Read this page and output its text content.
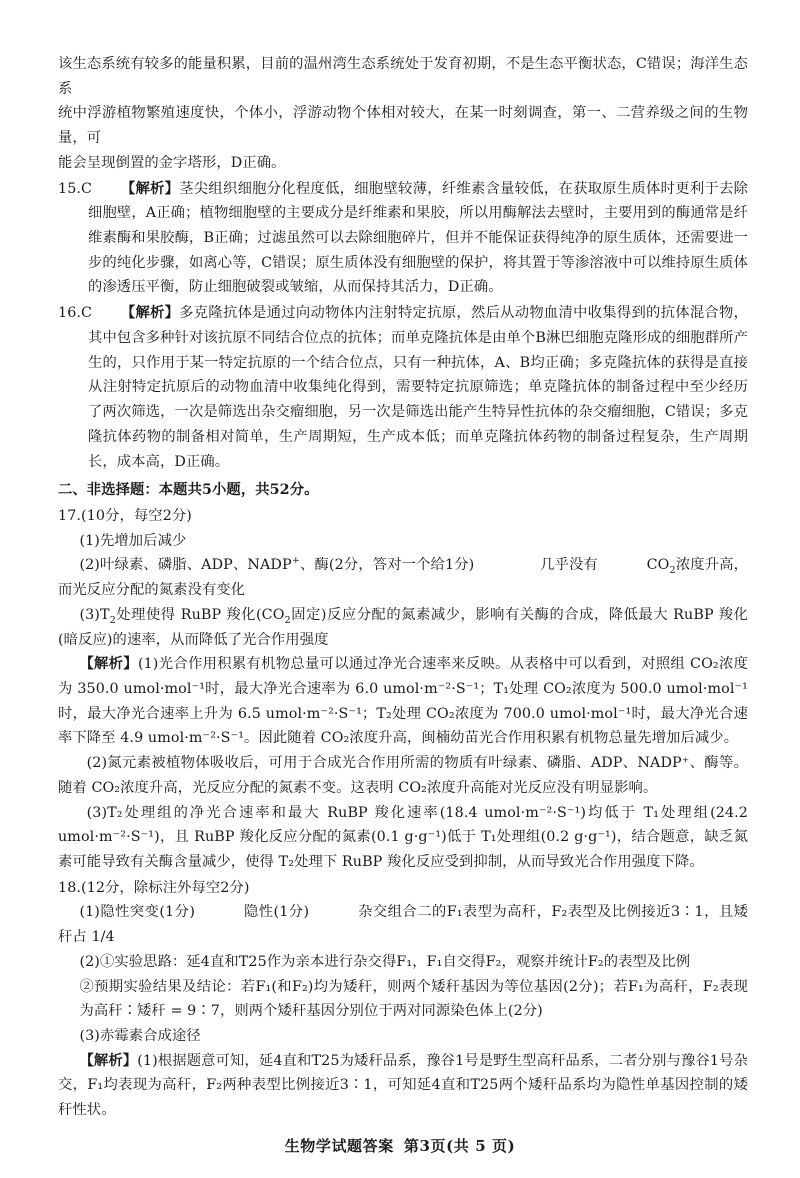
该生态系统有较多的能量积累，目前的温州湾生态系统处于发育初期，不是生态平衡状态，C错误；海洋生态系

统中浮游植物繁殖速度快，个体小，浮游动物个体相对较大，在某一时刻调查，第一、二营养级之间的生物量，可

能会呈现倒置的金字塔形，D正确。

15.C 【解析】茎尖组织细胞分化程度低，细胞壁较薄，纤维素含量较低，在获取原生质体时更利于去除细胞壁，A正确；植物细胞壁的主要成分是纤维素和果胶，所以用酶解法去壁时，主要用到的酶通常是纤维素酶和果胶酶，B正确；过滤虽然可以去除细胞碎片，但并不能保证获得纯净的原生质体，还需要进一步的纯化步骤，如离心等，C错误；原生质体没有细胞壁的保护，将其置于等渗溶液中可以维持原生质体的渗透压平衡，防止细胞破裂或皱缩，从而保持其活力，D正确。

16.C 【解析】多克隆抗体是通过向动物体内注射特定抗原，然后从动物血清中收集得到的抗体混合物，其中包含多种针对该抗原不同结合位点的抗体；而单克隆抗体是由单个B淋巴细胞克隆形成的细胞群所产生的，只作用于某一特定抗原的一个结合位点，只有一种抗体，A、B均正确；多克隆抗体的获得是直接从注射特定抗原后的动物血清中收集纯化得到，需要特定抗原筛选；单克隆抗体的制备过程中至少经历了两次筛选，一次是筛选出杂交瘤细胞，另一次是筛选出能产生特异性抗体的杂交瘤细胞，C错误；多克隆抗体药物的制备相对简单，生产周期短，生产成本低；而单克隆抗体药物的制备过程复杂，生产周期长，成本高，D正确。

二、非选择题：本题共5小题，共52分。

17.(10分，每空2分)

(1)先增加后减少

(2)叶绿素、磷脂、ADP、NADP+、酶(2分，答对一个给1分)	几乎没有	$CO_2$浓度升高，而光反应分配的氮素没有变化

$(3)T_2$处理使得 RuBP 羧化($CO_2$固定)反应分配的氮素减少，影响有关酶的合成，降低最大 RuBP 羧化(暗反应)的速率，从而降低了光合作用强度

【解析】(1)光合作用积累有机物总量可以通过净光合速率来反映。从表格中可以看到，对照组 CO₂浓度为 350.0 umol·mol⁻¹时，最大净光合速率为 6.0 umol·m⁻²·S⁻¹；T₁处理 CO₂浓度为 500.0 umol·mol⁻¹时，最大净光合速率上升为 6.5 umol·m⁻²·S⁻¹；T₂处理 CO₂浓度为 700.0 umol·mol⁻¹时，最大净光合速率下降至 4.9 umol·m⁻²·S⁻¹。因此随着 CO₂浓度升高，闽楠幼苗光合作用积累有机物总量先增加后减少。

(2)氮元素被植物体吸收后，可用于合成光合作用所需的物质有叶绿素、磷脂、ADP、NADP⁺、酶等。随着 CO₂浓度升高，光反应分配的氮素不变。这表明 CO₂浓度升高能对光反应没有明显影响。

(3)T₂处理组的净光合速率和最大 RuBP 羧化速率(18.4 umol·m⁻²·S⁻¹)均低于 T₁处理组(24.2 umol·m⁻²·S⁻¹)，且 RuBP 羧化反应分配的氮素(0.1 g·g⁻¹)低于 T₁处理组(0.2 g·g⁻¹)，结合题意，缺乏氮素可能导致有关酶含量减少，使得 T₂处理下 RuBP 羧化反应受到抑制，从而导致光合作用强度下降。

18.(12分，除标注外每空2分)

(1)隐性突变(1分)	隐性(1分)	杂交组合二的F₁表型为高秆，F₂表型及比例接近3∶1，且矮秆占 1/4

(2)①实验思路：延4直和T25作为亲本进行杂交得F₁，F₁自交得F₂，观察并统计F₂的表型及比例

②预期实验结果及结论：若F₁(和F₂)均为矮秆，则两个矮秆基因为等位基因(2分)；若F₁为高秆，F₂表现为高秆∶矮秆 = 9∶7，则两个矮秆基因分别位于两对同源染色体上(2分)

(3)赤霉素合成途径

【解析】(1)根据题意可知，延4直和T25为矮秆品系，豫谷1号是野生型高秆品系，二者分别与豫谷1号杂交，F₁均表现为高秆，F₂两种表型比例接近3∶1，可知延4直和T25两个矮秆品系均为隐性单基因控制的矮秆性状。

生物学试题答案 第3页(共 5 页)
